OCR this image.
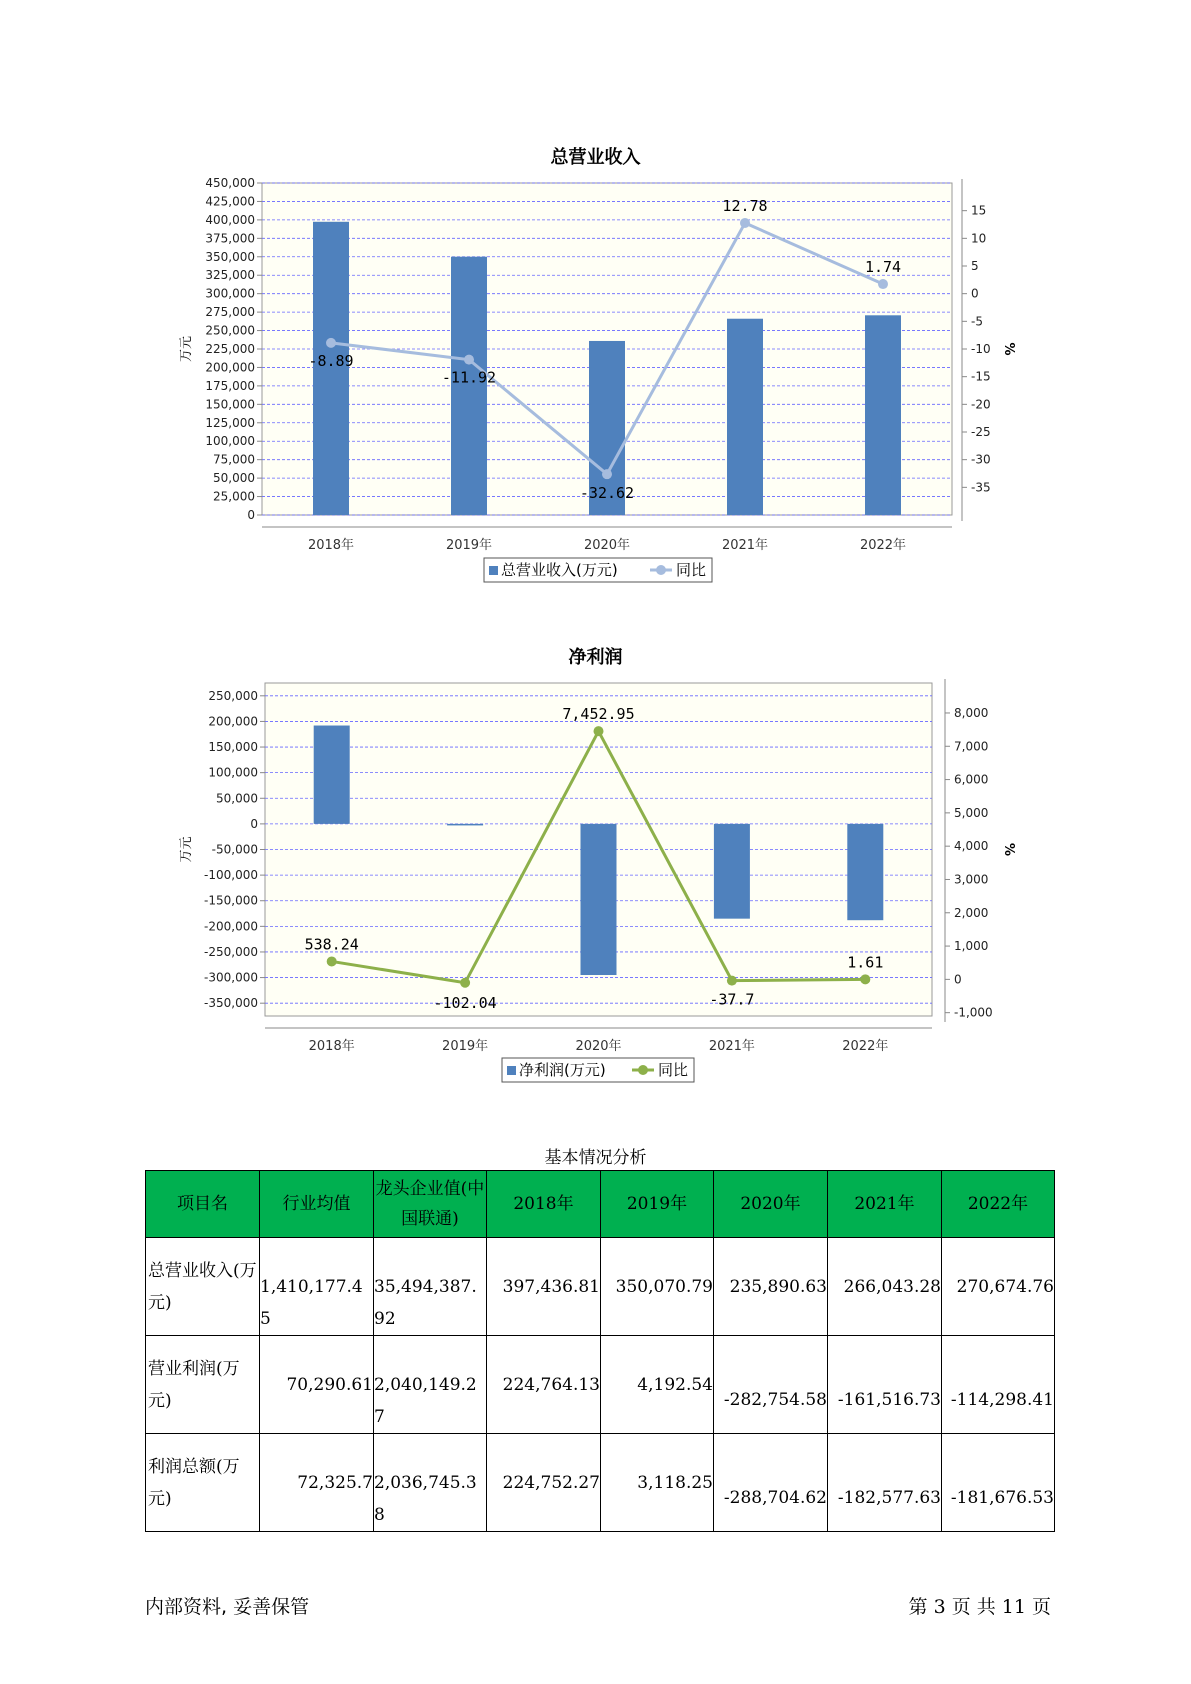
总营业收入
0
25,000
50,000
75,000
100,000
125,000
150,000
175,000
200,000
225,000
250,000
275,000
300,000
325,000
350,000
375,000
400,000
425,000
450,000
-35
-30
-25
-20
-15
-10
-5
0
5
10
15
万元	%
2018年	2019年	2020年	2021年	2022年
-8.89
-11.92
-32.62
12.78
1.74
总营业收入(万元)	同比
净利润
-350,000
-300,000
-250,000
-200,000
-150,000
-100,000
-50,000
0
50,000
100,000
150,000
200,000
250,000
-1,000
0
1,000
2,000
3,000
4,000
5,000
6,000
7,000
8,000
万元	%
2018年	2019年	2020年	2021年	2022年
538.24
-102.04
7,452.95
-37.7
1.61
净利润(万元)	同比
基本情况分析
项目名	行业均值	龙头企业值(中国联通)	2018年	2019年	2020年	2021年	2022年
总营业收入(万元)	1,410,177.45	35,494,387.92	397,436.81	350,070.79	235,890.63	266,043.28	270,674.76
营业利润(万元)	70,290.61	2,040,149.27	224,764.13	4,192.54	-282,754.58	-161,516.73	-114,298.41
利润总额(万元)	72,325.7	2,036,745.38	224,752.27	3,118.25	-288,704.62	-182,577.63	-181,676.53
内部资料, 妥善保管	第 3 页 共 11 页
